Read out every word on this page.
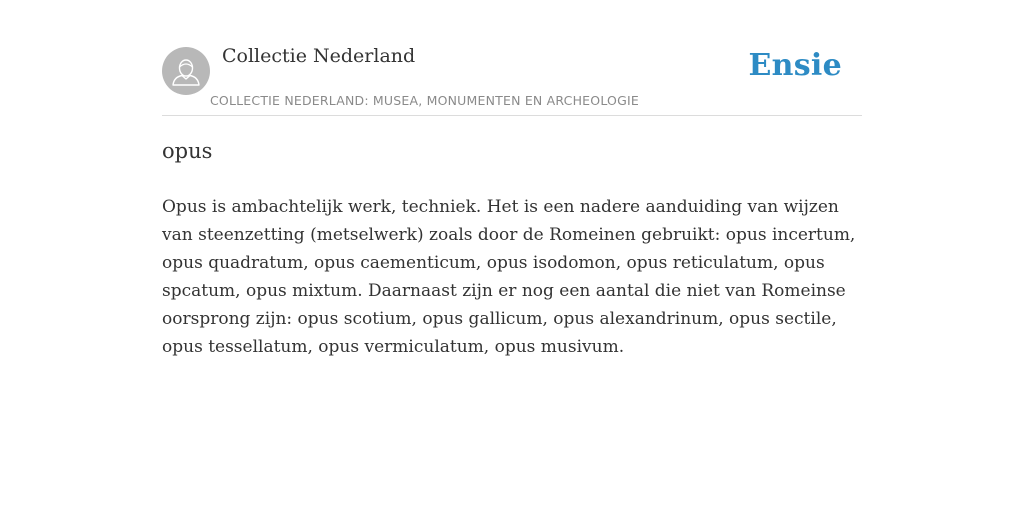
Collectie Nederland
COLLECTIE NEDERLAND: MUSEA, MONUMENTEN EN ARCHEOLOGIE
Ensie
opus

Opus is ambachtelijk werk, techniek. Het is een nadere aanduiding van wijzen van steenzetting (metselwerk) zoals door de Romeinen gebruikt: opus incertum, opus quadratum, opus caementicum, opus isodomon, opus reticulatum, opus spcatum, opus mixtum. Daarnaast zijn er nog een aantal die niet van Romeinse oorsprong zijn: opus scotium, opus gallicum, opus alexandrinum, opus sectile, opus tessellatum, opus vermiculatum, opus musivum.
